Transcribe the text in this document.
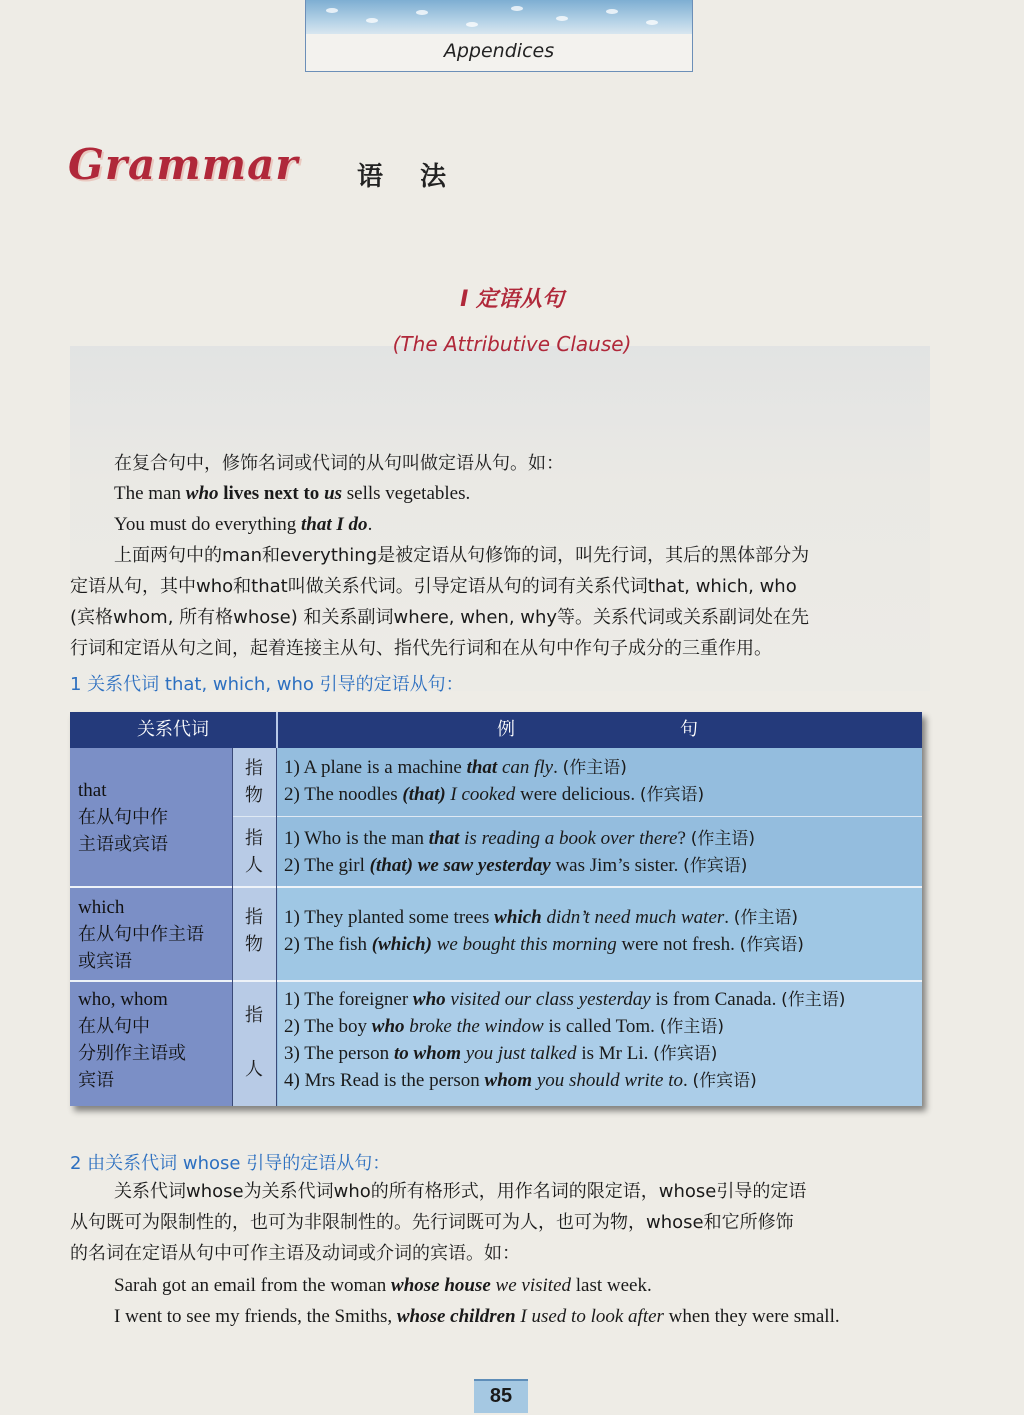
Appendices
Grammar 语 法
I 定语从句
(The Attributive Clause)

在复合句中，修饰名词或代词的从句叫做定语从句。如：

The man who lives next to us sells vegetables.

You must do everything that I do.

上面两句中的man和everything是被定语从句修饰的词，叫先行词，其后的黑体部分为

定语从句，其中who和that叫做关系代词。引导定语从句的词有关系代词that, which, who

(宾格whom, 所有格whose) 和关系副词where, when, why等。关系代词或关系副词处在先

行词和定语从句之间，起着连接主从句、指代先行词和在从句中作句子成分的三重作用。

1 关系代词 that, which, who 引导的定语从句：
关系代词	例	句
that
在从句中作
主语或宾语
which
在从句中作主语
或宾语
who, whom
在从句中
分别作主语或
宾语
指
物
指
人
指
物
指
人
1) A plane is a machine that can fly. (作主语)
2) The noodles (that) I cooked were delicious. (作宾语)
1) Who is the man that is reading a book over there? (作主语)
2) The girl (that) we saw yesterday was Jim’s sister. (作宾语)
1) They planted some trees which didn’t need much water. (作主语)
2) The fish (which) we bought this morning were not fresh. (作宾语)
1) The foreigner who visited our class yesterday is from Canada. (作主语)
2) The boy who broke the window is called Tom. (作主语)
3) The person to whom you just talked is Mr Li. (作宾语)
4) Mrs Read is the person whom you should write to. (作宾语)
2 由关系代词 whose 引导的定语从句：

关系代词whose为关系代词who的所有格形式，用作名词的限定语，whose引导的定语

从句既可为限制性的，也可为非限制性的。先行词既可为人，也可为物，whose和它所修饰

的名词在定语从句中可作主语及动词或介词的宾语。如：

Sarah got an email from the woman whose house we visited last week.

I went to see my friends, the Smiths, whose children I used to look after when they were small.

85
